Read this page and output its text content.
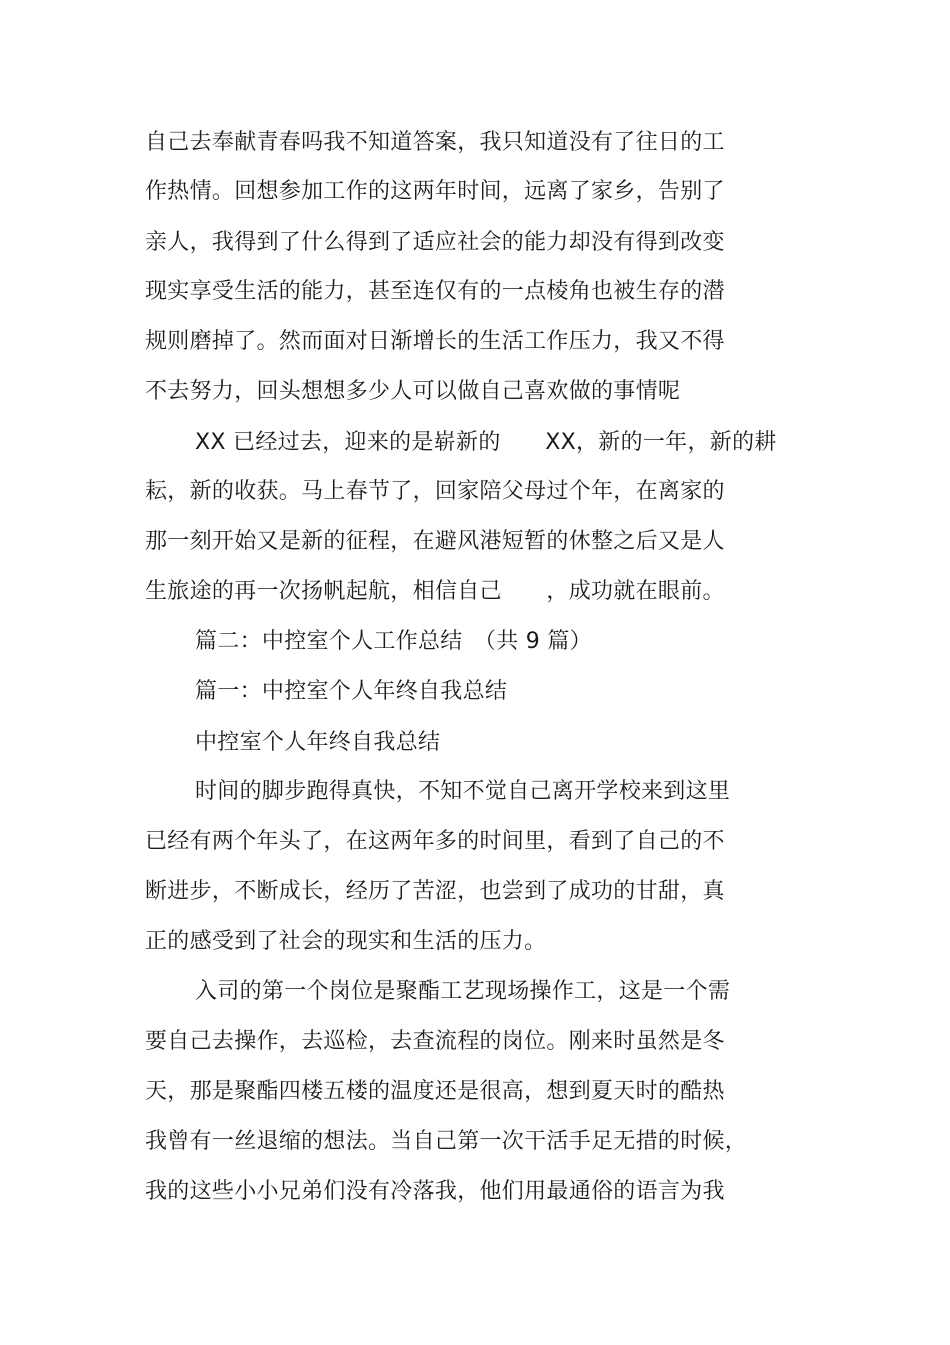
自己去奉献青春吗我不知道答案，我只知道没有了往日的工
作热情。回想参加工作的这两年时间，远离了家乡，告别了
亲人，我得到了什么得到了适应社会的能力却没有得到改变
现实享受生活的能力，甚至连仅有的一点棱角也被生存的潜
规则磨掉了。然而面对日渐增长的生活工作压力，我又不得
不去努力，回头想想多少人可以做自己喜欢做的事情呢
XX 已经过去，迎来的是崭新的　　XX，新的一年，新的耕
耘，新的收获。马上春节了，回家陪父母过个年，在离家的
那一刻开始又是新的征程，在避风港短暂的休整之后又是人
生旅途的再一次扬帆起航，相信自己　　，成功就在眼前。
篇二：中控室个人工作总结　（共 9 篇）
篇一：中控室个人年终自我总结
中控室个人年终自我总结
时间的脚步跑得真快，不知不觉自己离开学校来到这里
已经有两个年头了，在这两年多的时间里，看到了自己的不
断进步，不断成长，经历了苦涩，也尝到了成功的甘甜，真
正的感受到了社会的现实和生活的压力。
入司的第一个岗位是聚酯工艺现场操作工，这是一个需
要自己去操作，去巡检，去查流程的岗位。刚来时虽然是冬
天，那是聚酯四楼五楼的温度还是很高，想到夏天时的酷热
我曾有一丝退缩的想法。当自己第一次干活手足无措的时候，
我的这些小小兄弟们没有冷落我，他们用最通俗的语言为我
